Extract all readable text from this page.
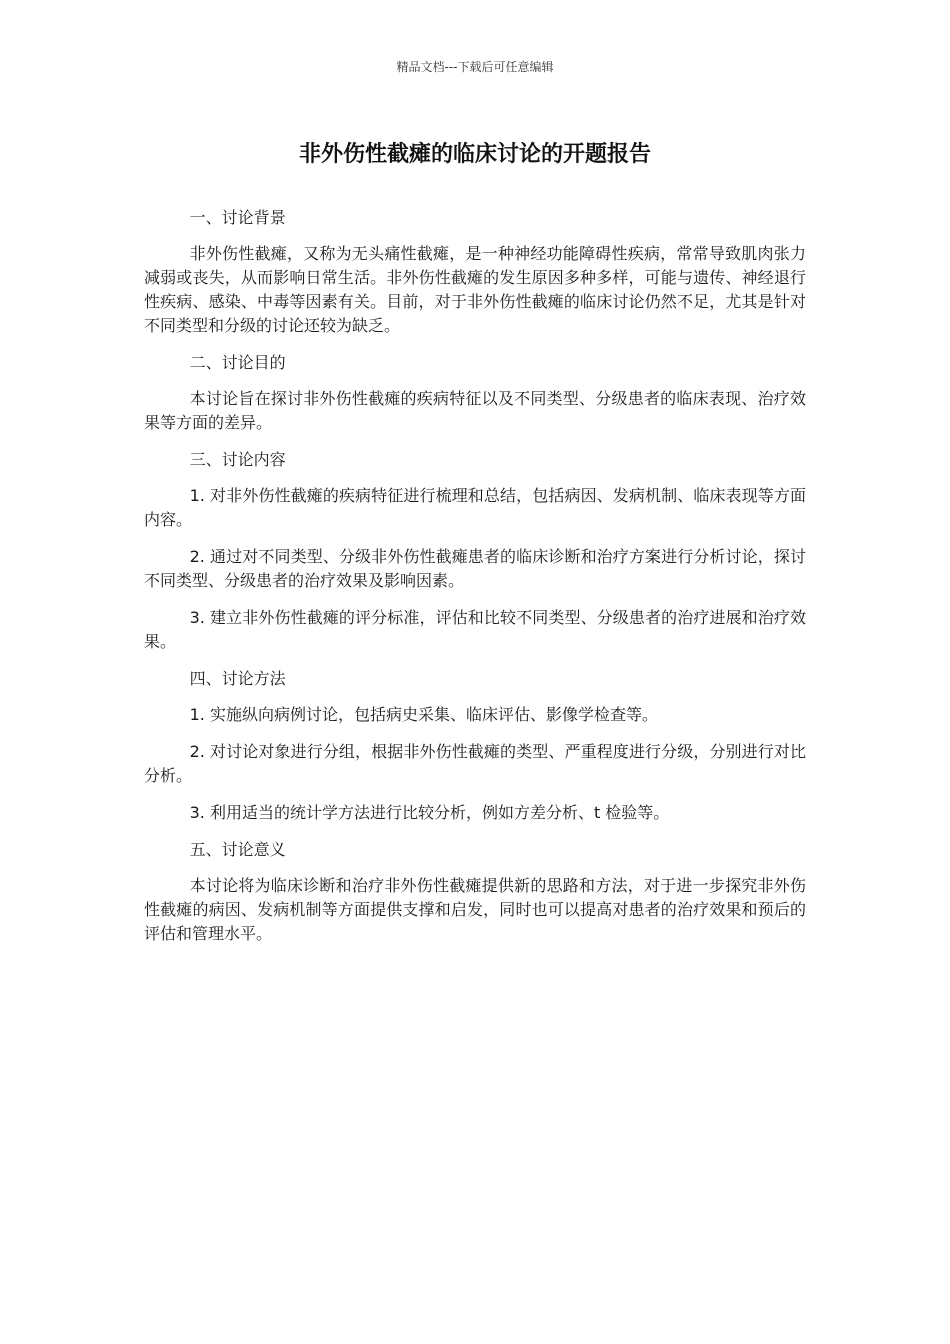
精品文档---下载后可任意编辑
非外伤性截瘫的临床讨论的开题报告

一、讨论背景

非外伤性截瘫，又称为无头痛性截瘫，是一种神经功能障碍性疾病，常常导致肌肉张力减弱或丧失，从而影响日常生活。非外伤性截瘫的发生原因多种多样，可能与遗传、神经退行性疾病、感染、中毒等因素有关。目前，对于非外伤性截瘫的临床讨论仍然不足，尤其是针对不同类型和分级的讨论还较为缺乏。

二、讨论目的

本讨论旨在探讨非外伤性截瘫的疾病特征以及不同类型、分级患者的临床表现、治疗效果等方面的差异。

三、讨论内容

1. 对非外伤性截瘫的疾病特征进行梳理和总结，包括病因、发病机制、临床表现等方面内容。

2. 通过对不同类型、分级非外伤性截瘫患者的临床诊断和治疗方案进行分析讨论，探讨不同类型、分级患者的治疗效果及影响因素。

3. 建立非外伤性截瘫的评分标准，评估和比较不同类型、分级患者的治疗进展和治疗效果。

四、讨论方法

1. 实施纵向病例讨论，包括病史采集、临床评估、影像学检查等。

2. 对讨论对象进行分组，根据非外伤性截瘫的类型、严重程度进行分级，分别进行对比分析。

3. 利用适当的统计学方法进行比较分析，例如方差分析、t 检验等。

五、讨论意义

本讨论将为临床诊断和治疗非外伤性截瘫提供新的思路和方法，对于进一步探究非外伤性截瘫的病因、发病机制等方面提供支撑和启发，同时也可以提高对患者的治疗效果和预后的评估和管理水平。
